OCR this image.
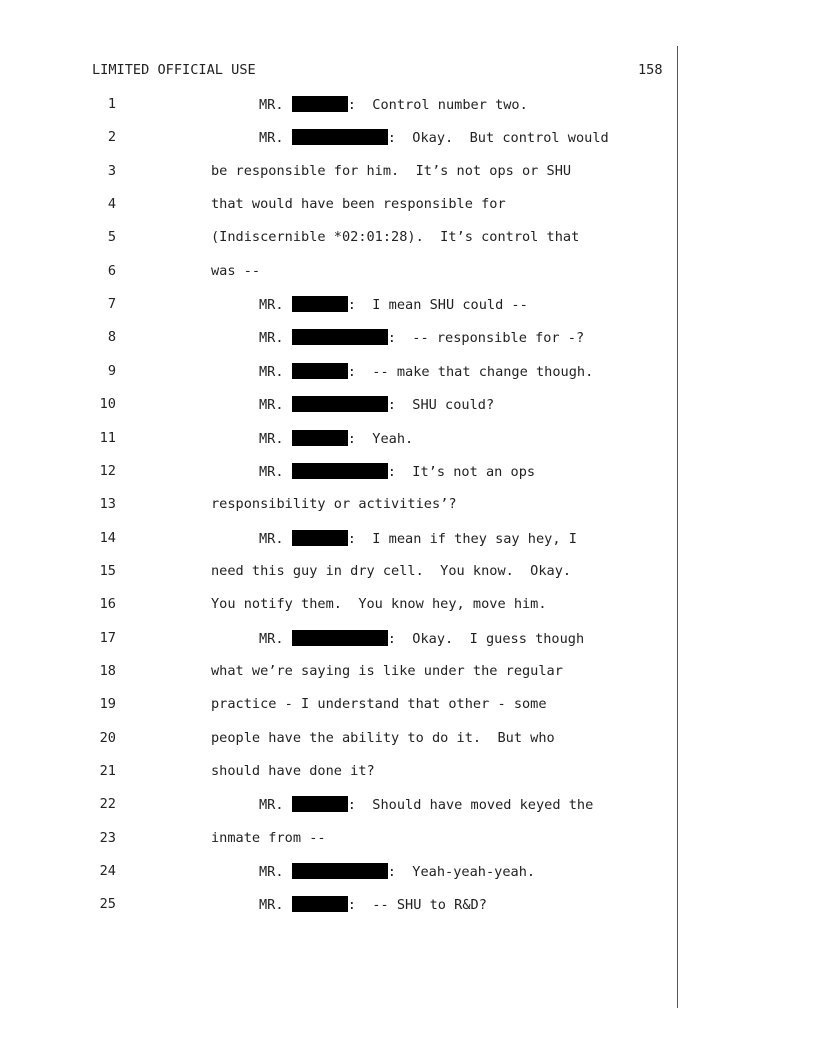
LIMITED OFFICIAL USE	158
1	MR.	:  Control number two.
2	MR.	:  Okay.  But control would
3	be responsible for him.  It’s not ops or SHU
4	that would have been responsible for
5	(Indiscernible *02:01:28).  It’s control that
6	was --
7	MR.	:  I mean SHU could --
8	MR.	:  -- responsible for -?
9	MR.	:  -- make that change though.
10	MR.	:  SHU could?
11	MR.	:  Yeah.
12	MR.	:  It’s not an ops
13	responsibility or activities’?
14	MR.	:  I mean if they say hey, I
15	need this guy in dry cell.  You know.  Okay.
16	You notify them.  You know hey, move him.
17	MR.	:  Okay.  I guess though
18	what we’re saying is like under the regular
19	practice - I understand that other - some
20	people have the ability to do it.  But who
21	should have done it?
22	MR.	:  Should have moved keyed the
23	inmate from --
24	MR.	:  Yeah-yeah-yeah.
25	MR.	:  -- SHU to R&D?
